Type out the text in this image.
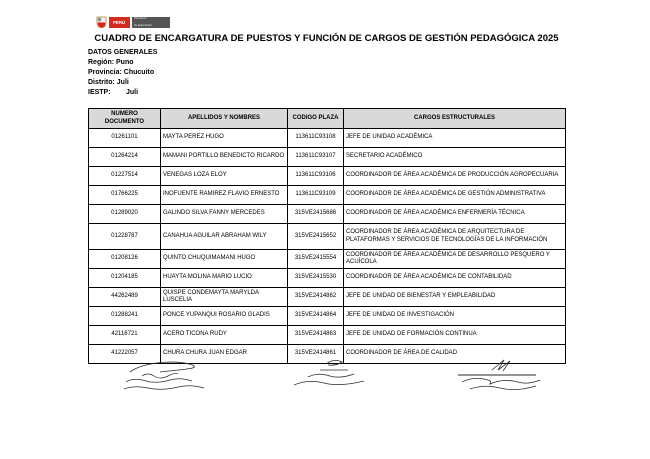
PERÚ
Ministerio
de Educación
CUADRO DE ENCARGATURA DE PUESTOS Y FUNCIÓN DE CARGOS DE GESTIÓN PEDAGÓGICA 2025
DATOS GENERALES
Región: Puno
Provincia: Chucuito
Distrito: Juli
IESTP: Juli
NUMERO DOCUMENTO	APELLIDOS Y NOMBRES	CODIGO PLAZA	CARGOS ESTRUCTURALES
01261101	MAYTA PEREZ HUGO	113611C93108	JEFE DE UNIDAD ACADÉMICA
01264214	MAMANI PORTILLO BENEDICTO RICARDO	113611C93107	SECRETARIO ACADÉMICO
01227514	VENEGAS LOZA ELOY	113611C93106	COORDINADOR DE ÁREA ACADÉMICA DE PRODUCCIÓN AGROPECUARIA
01766225	INOFUENTE RAMIREZ FLAVIO ERNESTO	113611C93109	COORDINADOR DE ÁREA ACADÉMICA DE GESTIÓN ADMINISTRATIVA
01289020	GALINDO SILVA FANNY MERCEDES	315VE2415686	COORDINADOR DE ÁREA ACADÉMICA ENFERMERÍA TÉCNICA
01228787	CANAHUA AGUILAR ABRAHAM WILY	315VE2415652	COORDINADOR DE ÁREA ACADÉMICA DE ARQUITECTURA DE PLATAFORMAS Y SERVICIOS DE TECNOLOGÍAS DE LA INFORMACIÓN
01208126	QUINTO CHUQUIMAMANI HUGO	315VE2415554	COORDINADOR DE ÁREA ACADÉMICA DE DESARROLLO PESQUERO Y ACUÍCOLA
01204185	HUAYTA MOLINA MARIO LUCIO	315VE2415530	COORDINADOR DE ÁREA ACADÉMICA DE CONTABILIDAD
44262489	QUISPE CONDEMAYTA MARYLDA LUSCELIA	315VE2414862	JEFE DE UNIDAD DE BIENESTAR Y EMPLEABILIDAD
01288241	PONCE YUPANQUI ROSARIO GLADIS	315VE2414864	JEFE DE UNIDAD DE INVESTIGACIÓN
42116721	ACERO TICONA RUDY	315VE2414863	JEFE DE UNIDAD DE FORMACIÓN CONTINUA
41222057	CHURA CHURA JUAN EDGAR	315VE2414861	COORDINADOR DE ÁREA DE CALIDAD
